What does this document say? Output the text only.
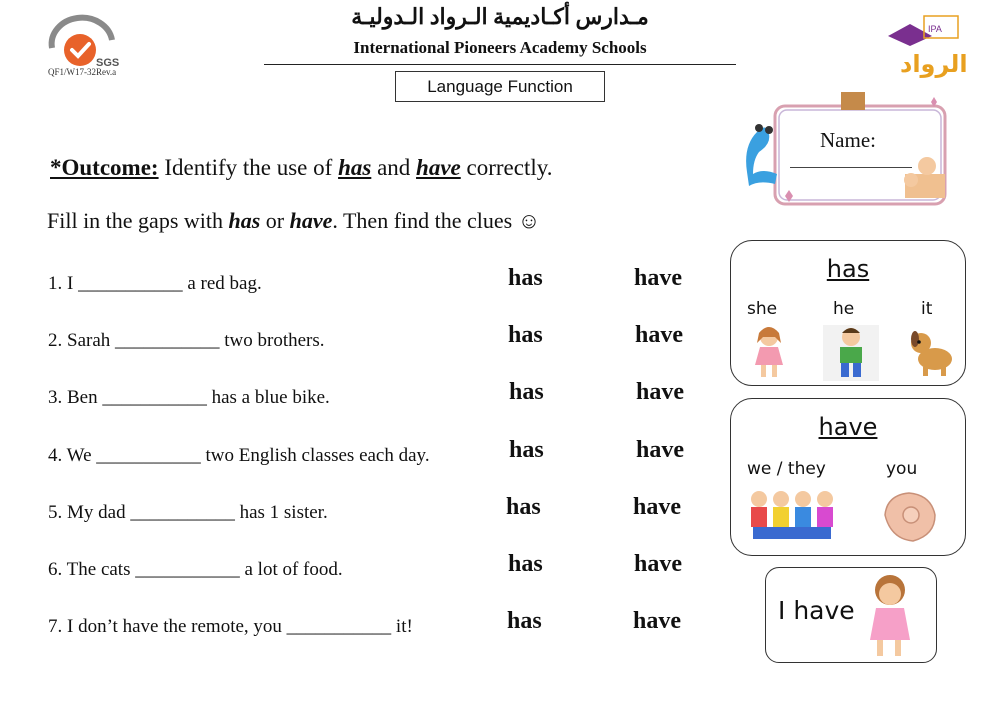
SGS
QF1/W17-32Rev.a
مـدارس أكـاديمية الـرواد الـدوليـة
International Pioneers Academy Schools
Language Function
IPA
الرواد
Name:
*Outcome: Identify the use of has and have correctly.
Fill in the gaps with has or have. Then find the clues ☺
1. I ___________ a red bag.	has	have
2. Sarah ___________ two brothers.	has	have
3. Ben ___________ has a blue bike.	has	have
4. We ___________ two English classes each day.	has	have
5. My dad ___________ has 1 sister.	has	have
6. The cats ___________ a lot of food.	has	have
7. I don’t have the remote, you ___________ it!	has	have
has
she	he	it
have
we / they	you
I have
